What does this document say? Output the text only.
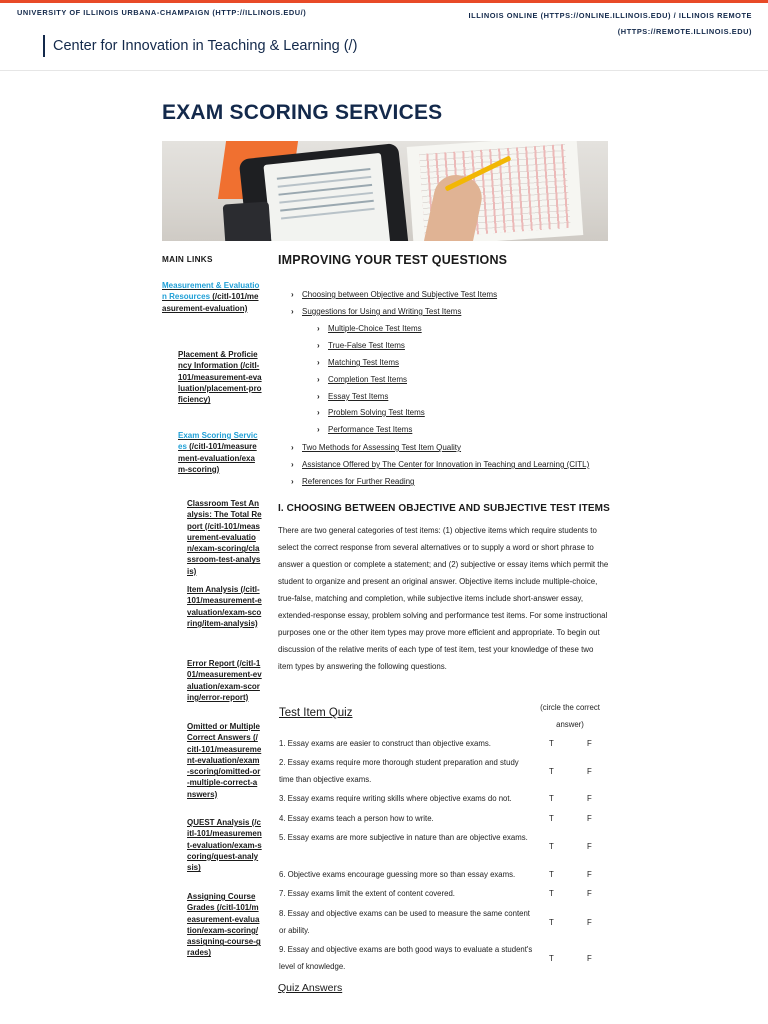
UNIVERSITY OF ILLINOIS URBANA-CHAMPAIGN (HTTP://ILLINOIS.EDU/)	ILLINOIS ONLINE (HTTPS://ONLINE.ILLINOIS.EDU) / ILLINOIS REMOTE (HTTPS://REMOTE.ILLINOIS.EDU)
Center for Innovation in Teaching & Learning (/)
EXAM SCORING SERVICES
MAIN LINKS
Measurement & Evaluation Resources (/citl-101/measurement-evaluation)
Placement & Proficiency Information (/citl-101/measurement-evaluation/placement-proficiency)
Exam Scoring Services (/citl-101/measurement-evaluation/exam-scoring)
Classroom Test Analysis: The Total Report (/citl-101/measurement-evaluation/exam-scoring/classroom-test-analysis)
Item Analysis (/citl-101/measurement-evaluation/exam-scoring/item-analysis)
Error Report (/citl-101/measurement-evaluation/exam-scoring/error-report)
Omitted or Multiple Correct Answers (/citl-101/measurement-evaluation/exam-scoring/omitted-or-multiple-correct-answers)
QUEST Analysis (/citl-101/measurement-evaluation/exam-scoring/quest-analysis)
Assigning Course Grades (/citl-101/measurement-evaluation/exam-scoring/assigning-course-grades)
IMPROVING YOUR TEST QUESTIONS
› Choosing between Objective and Subjective Test Items
› Suggestions for Using and Writing Test Items
› Multiple-Choice Test Items
› True-False Test Items
› Matching Test Items
› Completion Test Items
› Essay Test Items
› Problem Solving Test Items
› Performance Test Items
› Two Methods for Assessing Test Item Quality
› Assistance Offered by The Center for Innovation in Teaching and Learning (CITL)
› References for Further Reading
I. CHOOSING BETWEEN OBJECTIVE AND SUBJECTIVE TEST ITEMS

There are two general categories of test items: (1) objective items which require students to select the correct response from several alternatives or to supply a word or short phrase to answer a question or complete a statement; and (2) subjective or essay items which permit the student to organize and present an original answer. Objective items include multiple-choice, true-false, matching and completion, while subjective items include short-answer essay, extended-response essay, problem solving and performance test items. For some instructional purposes one or the other item types may prove more efficient and appropriate. To begin out discussion of the relative merits of each type of test item, test your knowledge of these two item types by answering the following questions.

Test Item Quiz	(circle the correct answer)
1. Essay exams are easier to construct than objective exams.	T	F
2. Essay exams require more thorough student preparation and study time than objective exams.
T	F
3. Essay exams require writing skills where objective exams do not.	T	F
4. Essay exams teach a person how to write.	T	F
5. Essay exams are more subjective in nature than are objective exams.
T	F
6. Objective exams encourage guessing more so than essay exams.	T	F
7. Essay exams limit the extent of content covered.	T	F
8. Essay and objective exams can be used to measure the same content or ability.
T	F
9. Essay and objective exams are both good ways to evaluate a student's level of knowledge.
T	F
Quiz Answers
